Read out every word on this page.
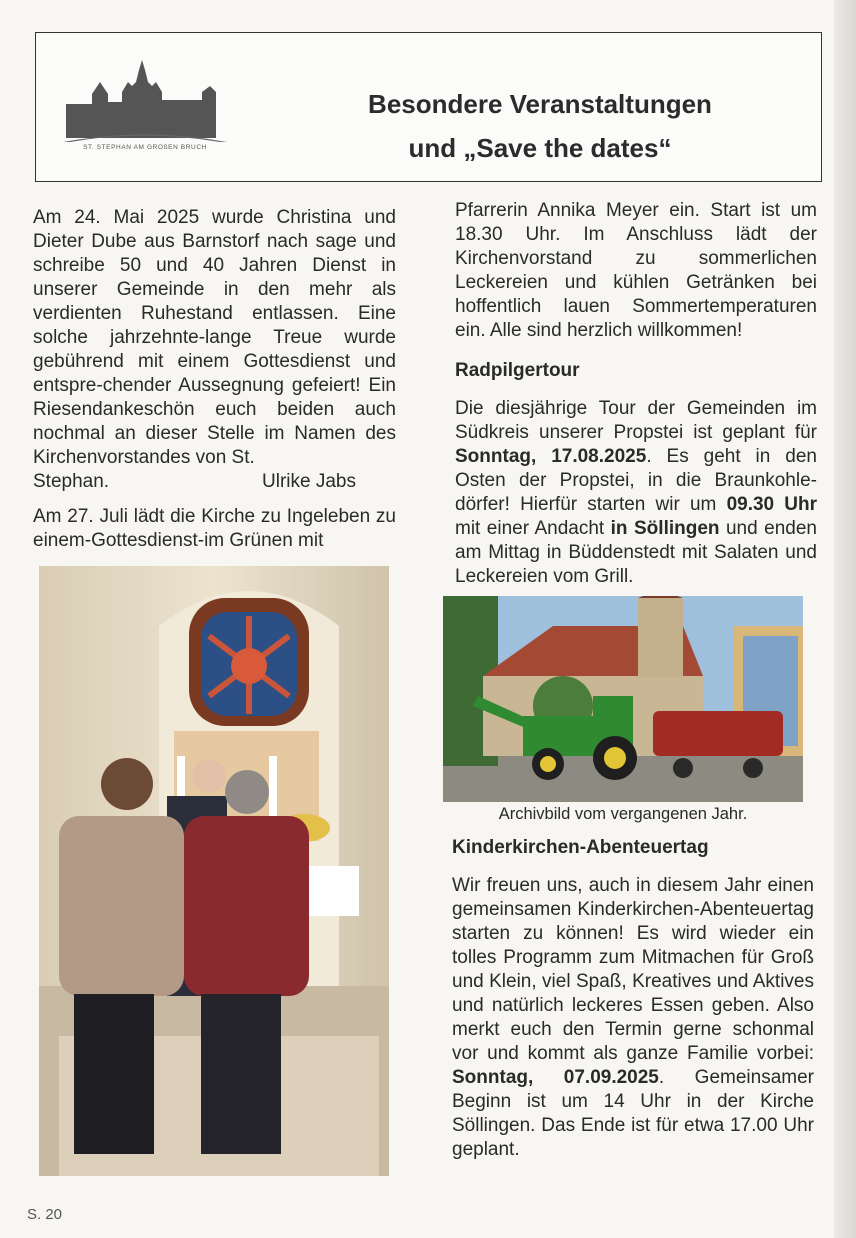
ST. STEPHAN AM GROßEN BRUCH
Besondere Veranstaltungen
und „Save the dates“

Am 24. Mai 2025 wurde Christina und Dieter Dube aus Barnstorf nach sage und schreibe 50 und 40 Jahren Dienst in unserer Gemeinde in den mehr als verdienten Ruhestand entlassen. Eine solche jahrzehnte-lange Treue wurde gebührend mit einem Gottesdienst und entspre-chender Aussegnung gefeiert! Ein Riesendankeschön euch beiden auch nochmal an dieser Stelle im Namen des Kirchenvorstandes von St.

Stephan.	Ulrike Jabs

Am 27. Juli lädt die Kirche zu Ingeleben zu einem-Gottesdienst-im Grünen mit

Pfarrerin Annika Meyer ein. Start ist um 18.30 Uhr. Im Anschluss lädt der Kirchenvorstand zu sommerlichen Leckereien und kühlen Getränken bei hoffentlich lauen Sommertemperaturen ein. Alle sind herzlich willkommen!

Radpilgertour

Die diesjährige Tour der Gemeinden im Südkreis unserer Propstei ist geplant für Sonntag, 17.08.2025. Es geht in den Osten der Propstei, in die Braunkohle-dörfer! Hierfür starten wir um 09.30 Uhr mit einer Andacht in Söllingen und enden am Mittag in Büddenstedt mit Salaten und Leckereien vom Grill.

Archivbild vom vergangenen Jahr.
Kinderkirchen-Abenteuertag

Wir freuen uns, auch in diesem Jahr einen gemeinsamen Kinderkirchen-Abenteuertag starten zu können! Es wird wieder ein tolles Programm zum Mitmachen für Groß und Klein, viel Spaß, Kreatives und Aktives und natürlich leckeres Essen geben. Also merkt euch den Termin gerne schonmal vor und kommt als ganze Familie vorbei: Sonntag, 07.09.2025. Gemeinsamer Beginn ist um 14 Uhr in der Kirche Söllingen. Das Ende ist für etwa 17.00 Uhr geplant.

S. 20
